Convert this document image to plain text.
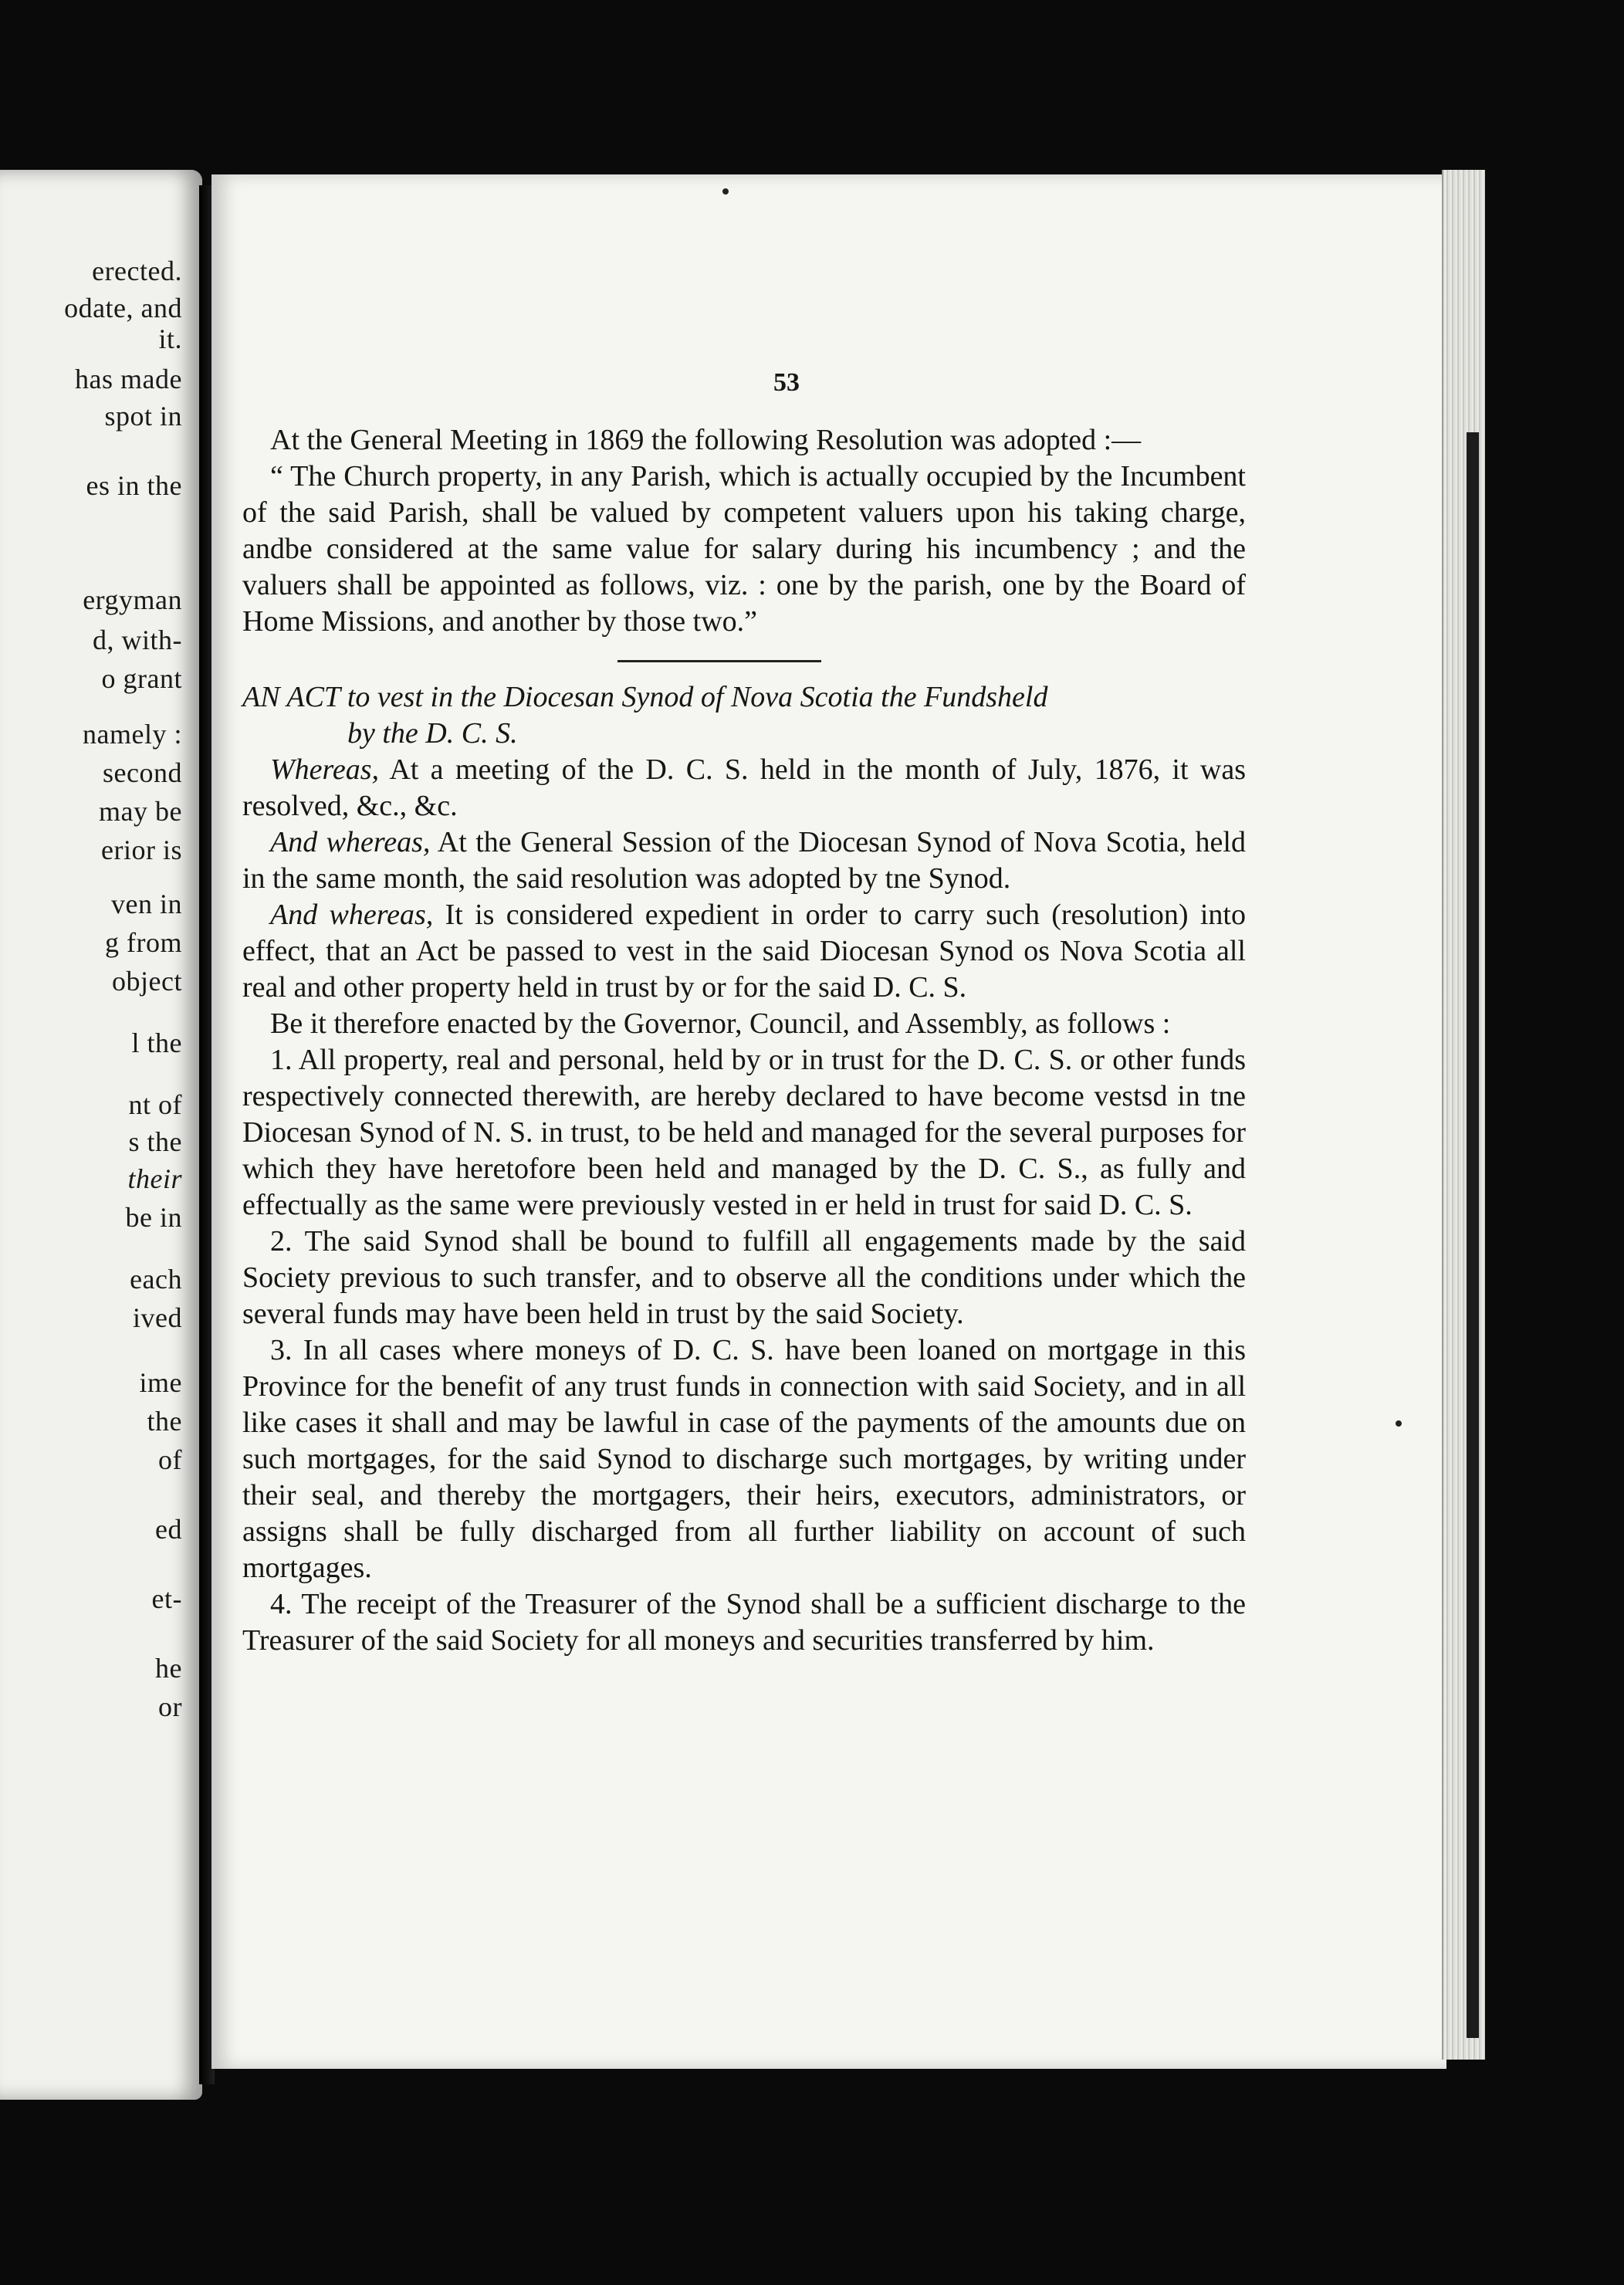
erected.
odate, and
it.
has made
spot in
es in the
ergyman
d, with-
o grant
namely :
second
may be
erior is
ven in
g from
object
l the
nt of
s the
their
be in
each
ived
ime
the
of
ed
et-
he
or
53

At the General Meeting in 1869 the following Resolution was adopted :—

“ The Church property, in any Parish, which is actually occupied by the Incumbent of the said Parish, shall be valued by competent valuers upon his taking charge, andbe considered at the same value for salary during his incumbency ; and the valuers shall be appointed as follows, viz. : one by the parish, one by the Board of Home Missions, and another by those two.”

AN ACT to vest in the Diocesan Synod of Nova Scotia the Fundsheld
by the D. C. S.

Whereas, At a meeting of the D. C. S. held in the month of July, 1876, it was resolved, &c., &c.

And whereas, At the General Session of the Diocesan Synod of Nova Scotia, held in the same month, the said resolution was adopted by tne Synod.

And whereas, It is considered expedient in order to carry such (resolution) into effect, that an Act be passed to vest in the said Diocesan Synod os Nova Scotia all real and other property held in trust by or for the said D. C. S.

Be it therefore enacted by the Governor, Council, and Assembly, as follows :

1. All property, real and personal, held by or in trust for the D. C. S. or other funds respectively connected therewith, are hereby declared to have become vestsd in tne Diocesan Synod of N. S. in trust, to be held and managed for the several purposes for which they have heretofore been held and managed by the D. C. S., as fully and effectually as the same were previously vested in er held in trust for said D. C. S.

2. The said Synod shall be bound to fulfill all engagements made by the said Society previous to such transfer, and to observe all the conditions under which the several funds may have been held in trust by the said Society.

3. In all cases where moneys of D. C. S. have been loaned on mortgage in this Province for the benefit of any trust funds in connection with said Society, and in all like cases it shall and may be lawful in case of the payments of the amounts due on such mortgages, for the said Synod to discharge such mortgages, by writing under their seal, and thereby the mortgagers, their heirs, executors, administrators, or assigns shall be fully discharged from all further liability on account of such mortgages.

4. The receipt of the Treasurer of the Synod shall be a sufficient discharge to the Treasurer of the said Society for all moneys and securities transferred by him.
